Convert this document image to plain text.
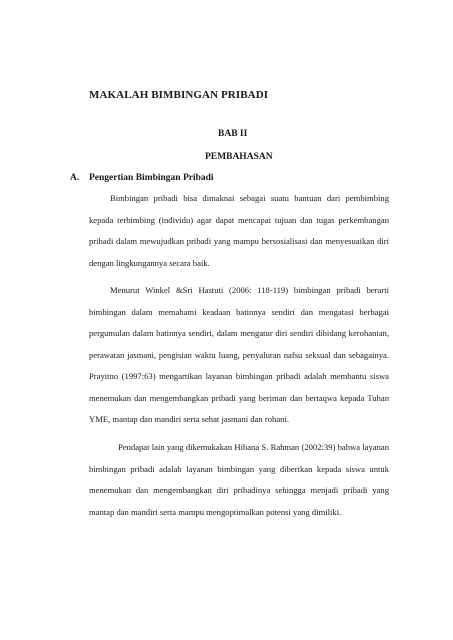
MAKALAH BIMBINGAN PRIBADI
BAB II
PEMBAHASAN
A. Pengertian Bimbingan Pribadi

Bimbingan pribadi bisa dimaknai sebagai suatu bantuan dari pembimbing kepada terbimbing (individu) agar dapat mencapai tujuan dan tugas perkembangan pribadi dalam mewujudkan pribadi yang mampu bersosialisasi dan menyesuaikan diri dengan lingkungannya secara baik.

Menurut Winkel &Sri Hastuti (2006: 118-119) bimbingan pribadi berarti bimbingan dalam memahami keadaan batinnya sendiri dan mengatasi berbagai pergumulan dalam batinnya sendiri, dalam mengatur diri sendiri dibidang kerohanian, perawatan jasmani, pengisian waktu luang, penyaluran nafsu seksual dan sebagainya. Prayitno (1997:63) mengartikan layanan bimbingan pribadi adalah membantu siswa menemukan dan mengembangkan pribadi yang beriman dan bertaqwa kepada Tuhan YME, mantap dan mandiri serta sehat jasmani dan rohani.

Pendapat lain yang dikemukakan Hibana S. Rahman (2002:39) bahwa layanan bimbingan pribadi adalah layanan bimbingan yang diberikan kepada siswa untuk menemukan dan mengembangkan diri pribadinya sehingga menjadi pribadi yang mantap dan mandiri serta mampu mengoptimalkan potensi yang dimiliki.
